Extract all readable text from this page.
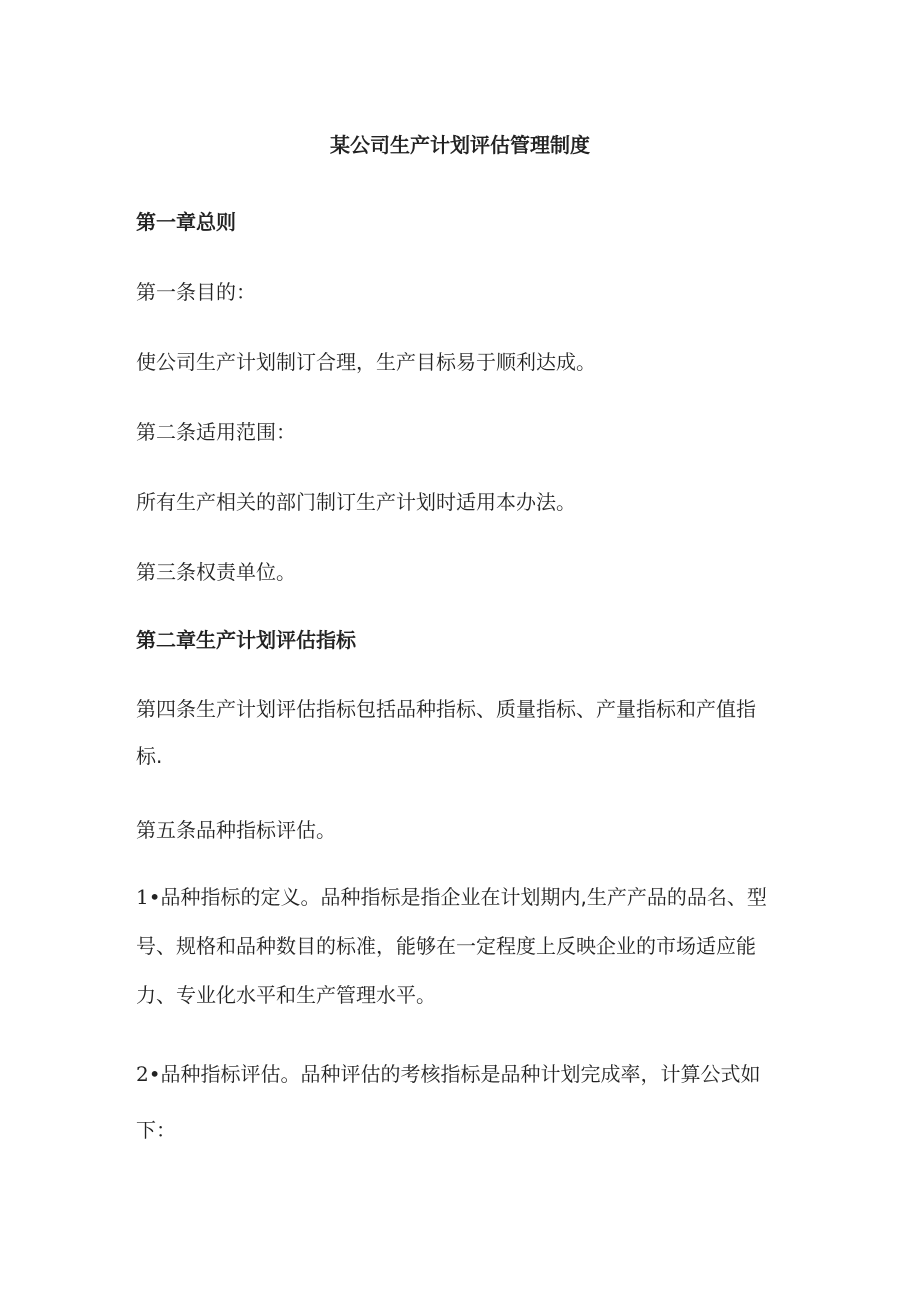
某公司生产计划评估管理制度
第一章总则

第一条目的：

使公司生产计划制订合理，生产目标易于顺利达成。

第二条适用范围：

所有生产相关的部门制订生产计划时适用本办法。

第三条权责单位。

第二章生产计划评估指标
第四条生产计划评估指标包括品种指标、质量指标、产量指标和产值指
标.

第五条品种指标评估。

1•品种指标的定义。品种指标是指企业在计划期内,生产产品的品名、型
号、规格和品种数目的标准，能够在一定程度上反映企业的市场适应能
力、专业化水平和生产管理水平。
2•品种指标评估。品种评估的考核指标是品种计划完成率，计算公式如
下：
